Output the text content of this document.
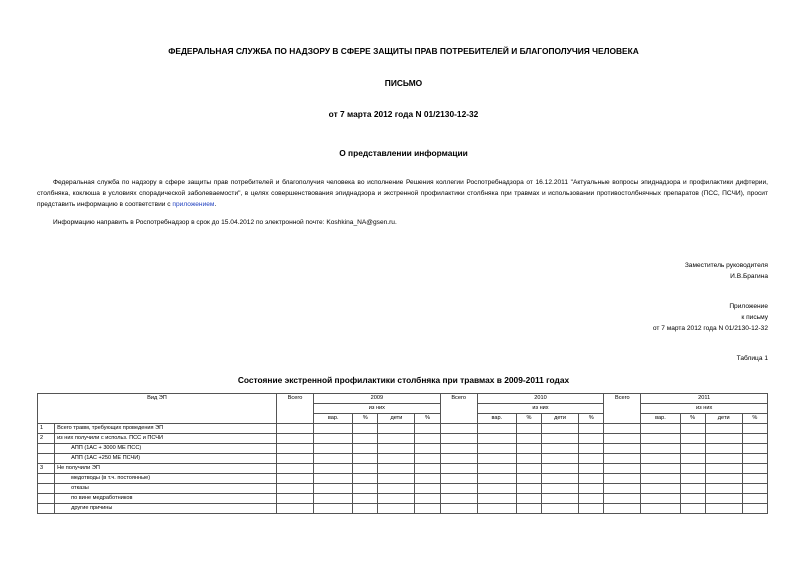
ФЕДЕРАЛЬНАЯ СЛУЖБА ПО НАДЗОРУ В СФЕРЕ ЗАЩИТЫ ПРАВ ПОТРЕБИТЕЛЕЙ И БЛАГОПОЛУЧИЯ ЧЕЛОВЕКА
ПИСЬМО
от 7 марта 2012 года N 01/2130-12-32
О представлении информации
Федеральная служба по надзору в сфере защиты прав потребителей и благополучия человека во исполнение Решения коллегии Роспотребнадзора от 16.12.2011 "Актуальные вопросы эпиднадзора и профилактики дифтерии, столбняка, коклюша в условиях спорадической заболеваемости", в целях совершенствования эпиднадзора и экстренной профилактики столбняка при травмах и использовании противостолбнячных препаратов (ПСС, ПСЧИ), просит представить информацию в соответствии с приложением.
Информацию направить в Роспотребнадзор в срок до 15.04.2012 по электронной почте: Koshkina_NA@gsen.ru.
Заместитель руководителя
И.В.Брагина
Приложение
к письму
от 7 марта 2012 года N 01/2130-12-32
Таблица 1
Состояние экстренной профилактики столбняка при травмах в 2009-2011 годах
Вид ЭП		Всего	2009				Всего	2010				Всего	2011			
			из них					из них					из них			
			вар.	%	дети	%		вар.	%	дети	%		вар.	%	дети	%
1	Всего травм, требующих проведения ЭП															
2	из них получили с использ. ПСС и ПСЧИ															
	АПП (1АС + 3000 МЕ ПСС)															
	АПП (1АС +250 МЕ ПСЧИ)															
3	Не получили ЭП															
	медотводы (в т.ч. постоянные)															
	отказы															
	по вине медработников															
	другие причины															
